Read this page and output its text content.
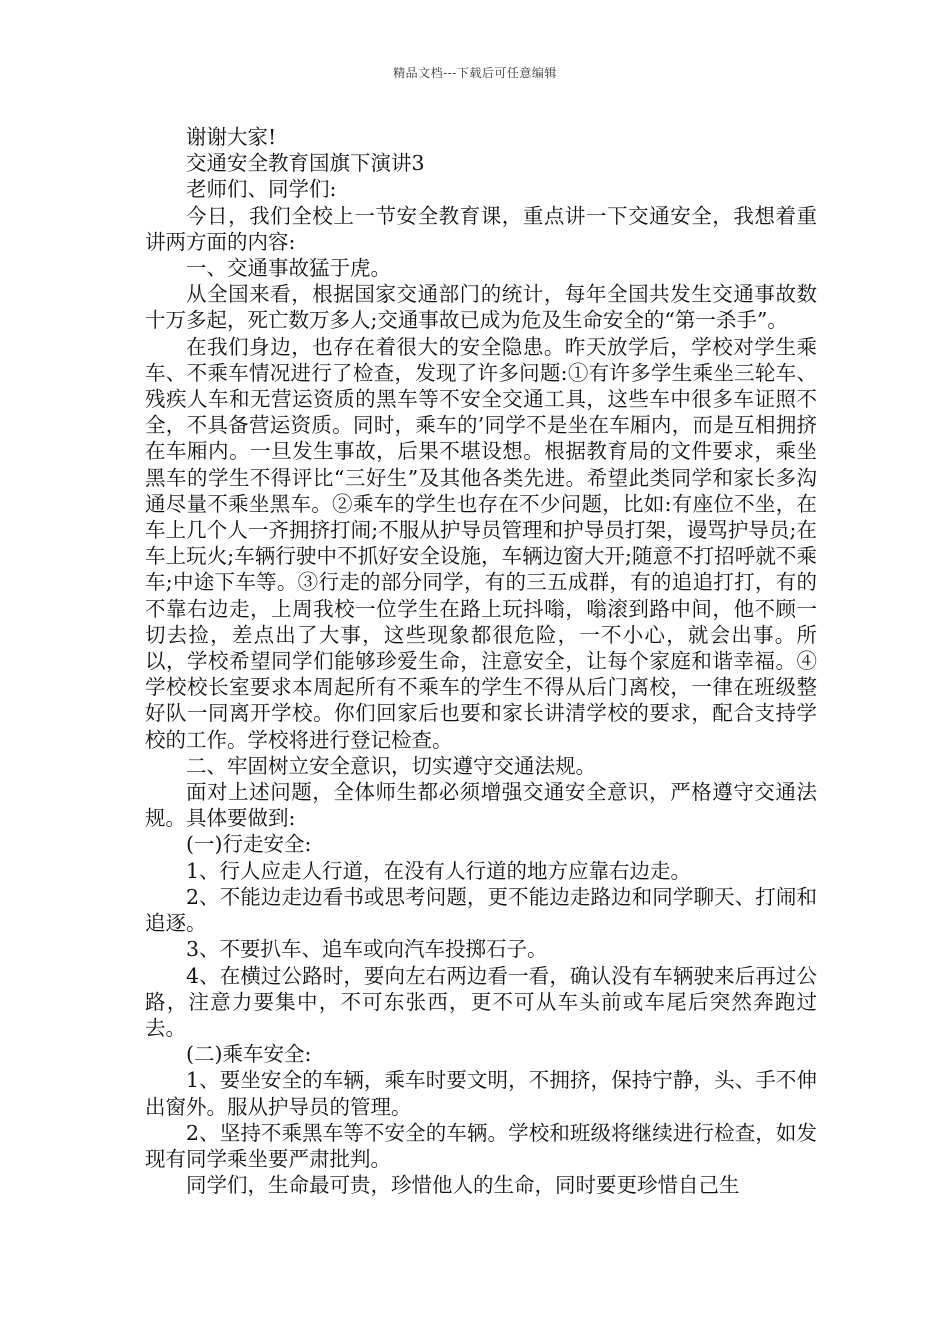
精品文档---下载后可任意编辑

谢谢大家!

交通安全教育国旗下演讲3

老师们、同学们:

今日，我们全校上一节安全教育课，重点讲一下交通安全，我想着重讲两方面的内容:

一、交通事故猛于虎。

从全国来看，根据国家交通部门的统计，每年全国共发生交通事故数十万多起，死亡数万多人;交通事故已成为危及生命安全的“第一杀手”。

在我们身边，也存在着很大的安全隐患。昨天放学后，学校对学生乘车、不乘车情况进行了检查，发现了许多问题:①有许多学生乘坐三轮车、残疾人车和无营运资质的黑车等不安全交通工具，这些车中很多车证照不全，不具备营运资质。同时，乘车的’同学不是坐在车厢内，而是互相拥挤在车厢内。一旦发生事故，后果不堪设想。根据教育局的文件要求，乘坐黑车的学生不得评比“三好生”及其他各类先进。希望此类同学和家长多沟通尽量不乘坐黑车。②乘车的学生也存在不少问题，比如:有座位不坐，在车上几个人一齐拥挤打闹;不服从护导员管理和护导员打架，谩骂护导员;在车上玩火;车辆行驶中不抓好安全设施，车辆边窗大开;随意不打招呼就不乘车;中途下车等。③行走的部分同学，有的三五成群，有的追追打打，有的不靠右边走，上周我校一位学生在路上玩抖嗡，嗡滚到路中间，他不顾一切去捡，差点出了大事，这些现象都很危险，一不小心，就会出事。所以，学校希望同学们能够珍爱生命，注意安全，让每个家庭和谐幸福。④学校校长室要求本周起所有不乘车的学生不得从后门离校，一律在班级整好队一同离开学校。你们回家后也要和家长讲清学校的要求，配合支持学校的工作。学校将进行登记检查。

二、牢固树立安全意识，切实遵守交通法规。

面对上述问题，全体师生都必须增强交通安全意识，严格遵守交通法规。具体要做到:

(一)行走安全:

1、行人应走人行道，在没有人行道的地方应靠右边走。

2、不能边走边看书或思考问题，更不能边走路边和同学聊天、打闹和追逐。

3、不要扒车、追车或向汽车投掷石子。

4、在横过公路时，要向左右两边看一看，确认没有车辆驶来后再过公路，注意力要集中，不可东张西，更不可从车头前或车尾后突然奔跑过去。

(二)乘车安全:

1、要坐安全的车辆，乘车时要文明，不拥挤，保持宁静，头、手不伸出窗外。服从护导员的管理。

2、坚持不乘黑车等不安全的车辆。学校和班级将继续进行检查，如发现有同学乘坐要严肃批判。

同学们，生命最可贵，珍惜他人的生命，同时要更珍惜自己生
